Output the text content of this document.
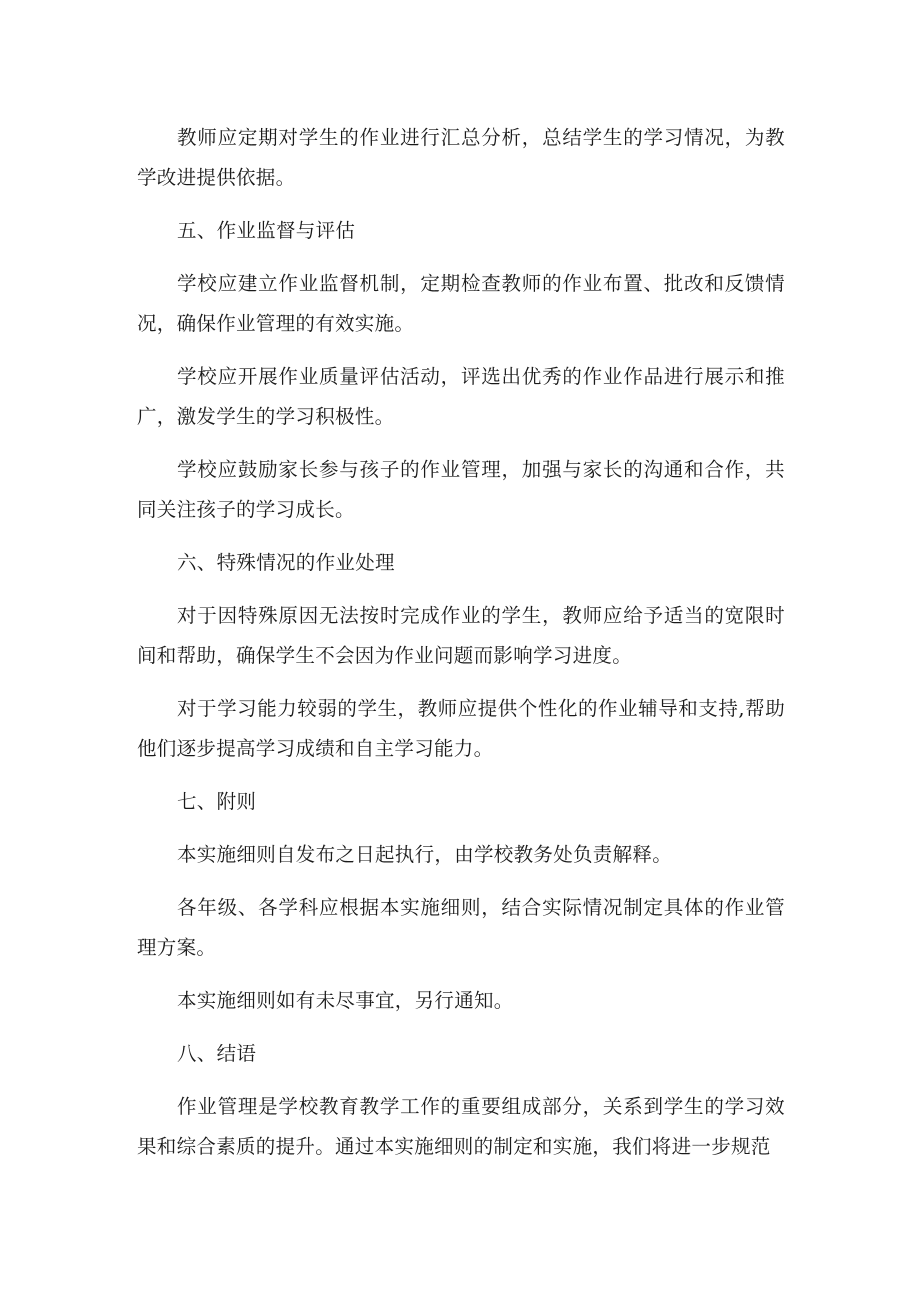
教师应定期对学生的作业进行汇总分析，总结学生的学习情况，为教学改进提供依据。

五、作业监督与评估

学校应建立作业监督机制，定期检查教师的作业布置、批改和反馈情况，确保作业管理的有效实施。

学校应开展作业质量评估活动，评选出优秀的作业作品进行展示和推广，激发学生的学习积极性。

学校应鼓励家长参与孩子的作业管理，加强与家长的沟通和合作，共同关注孩子的学习成长。

六、特殊情况的作业处理

对于因特殊原因无法按时完成作业的学生，教师应给予适当的宽限时间和帮助，确保学生不会因为作业问题而影响学习进度。

对于学习能力较弱的学生，教师应提供个性化的作业辅导和支持,帮助他们逐步提高学习成绩和自主学习能力。

七、附则

本实施细则自发布之日起执行，由学校教务处负责解释。

各年级、各学科应根据本实施细则，结合实际情况制定具体的作业管理方案。

本实施细则如有未尽事宜，另行通知。

八、结语

作业管理是学校教育教学工作的重要组成部分，关系到学生的学习效果和综合素质的提升。通过本实施细则的制定和实施，我们将进一步规范
